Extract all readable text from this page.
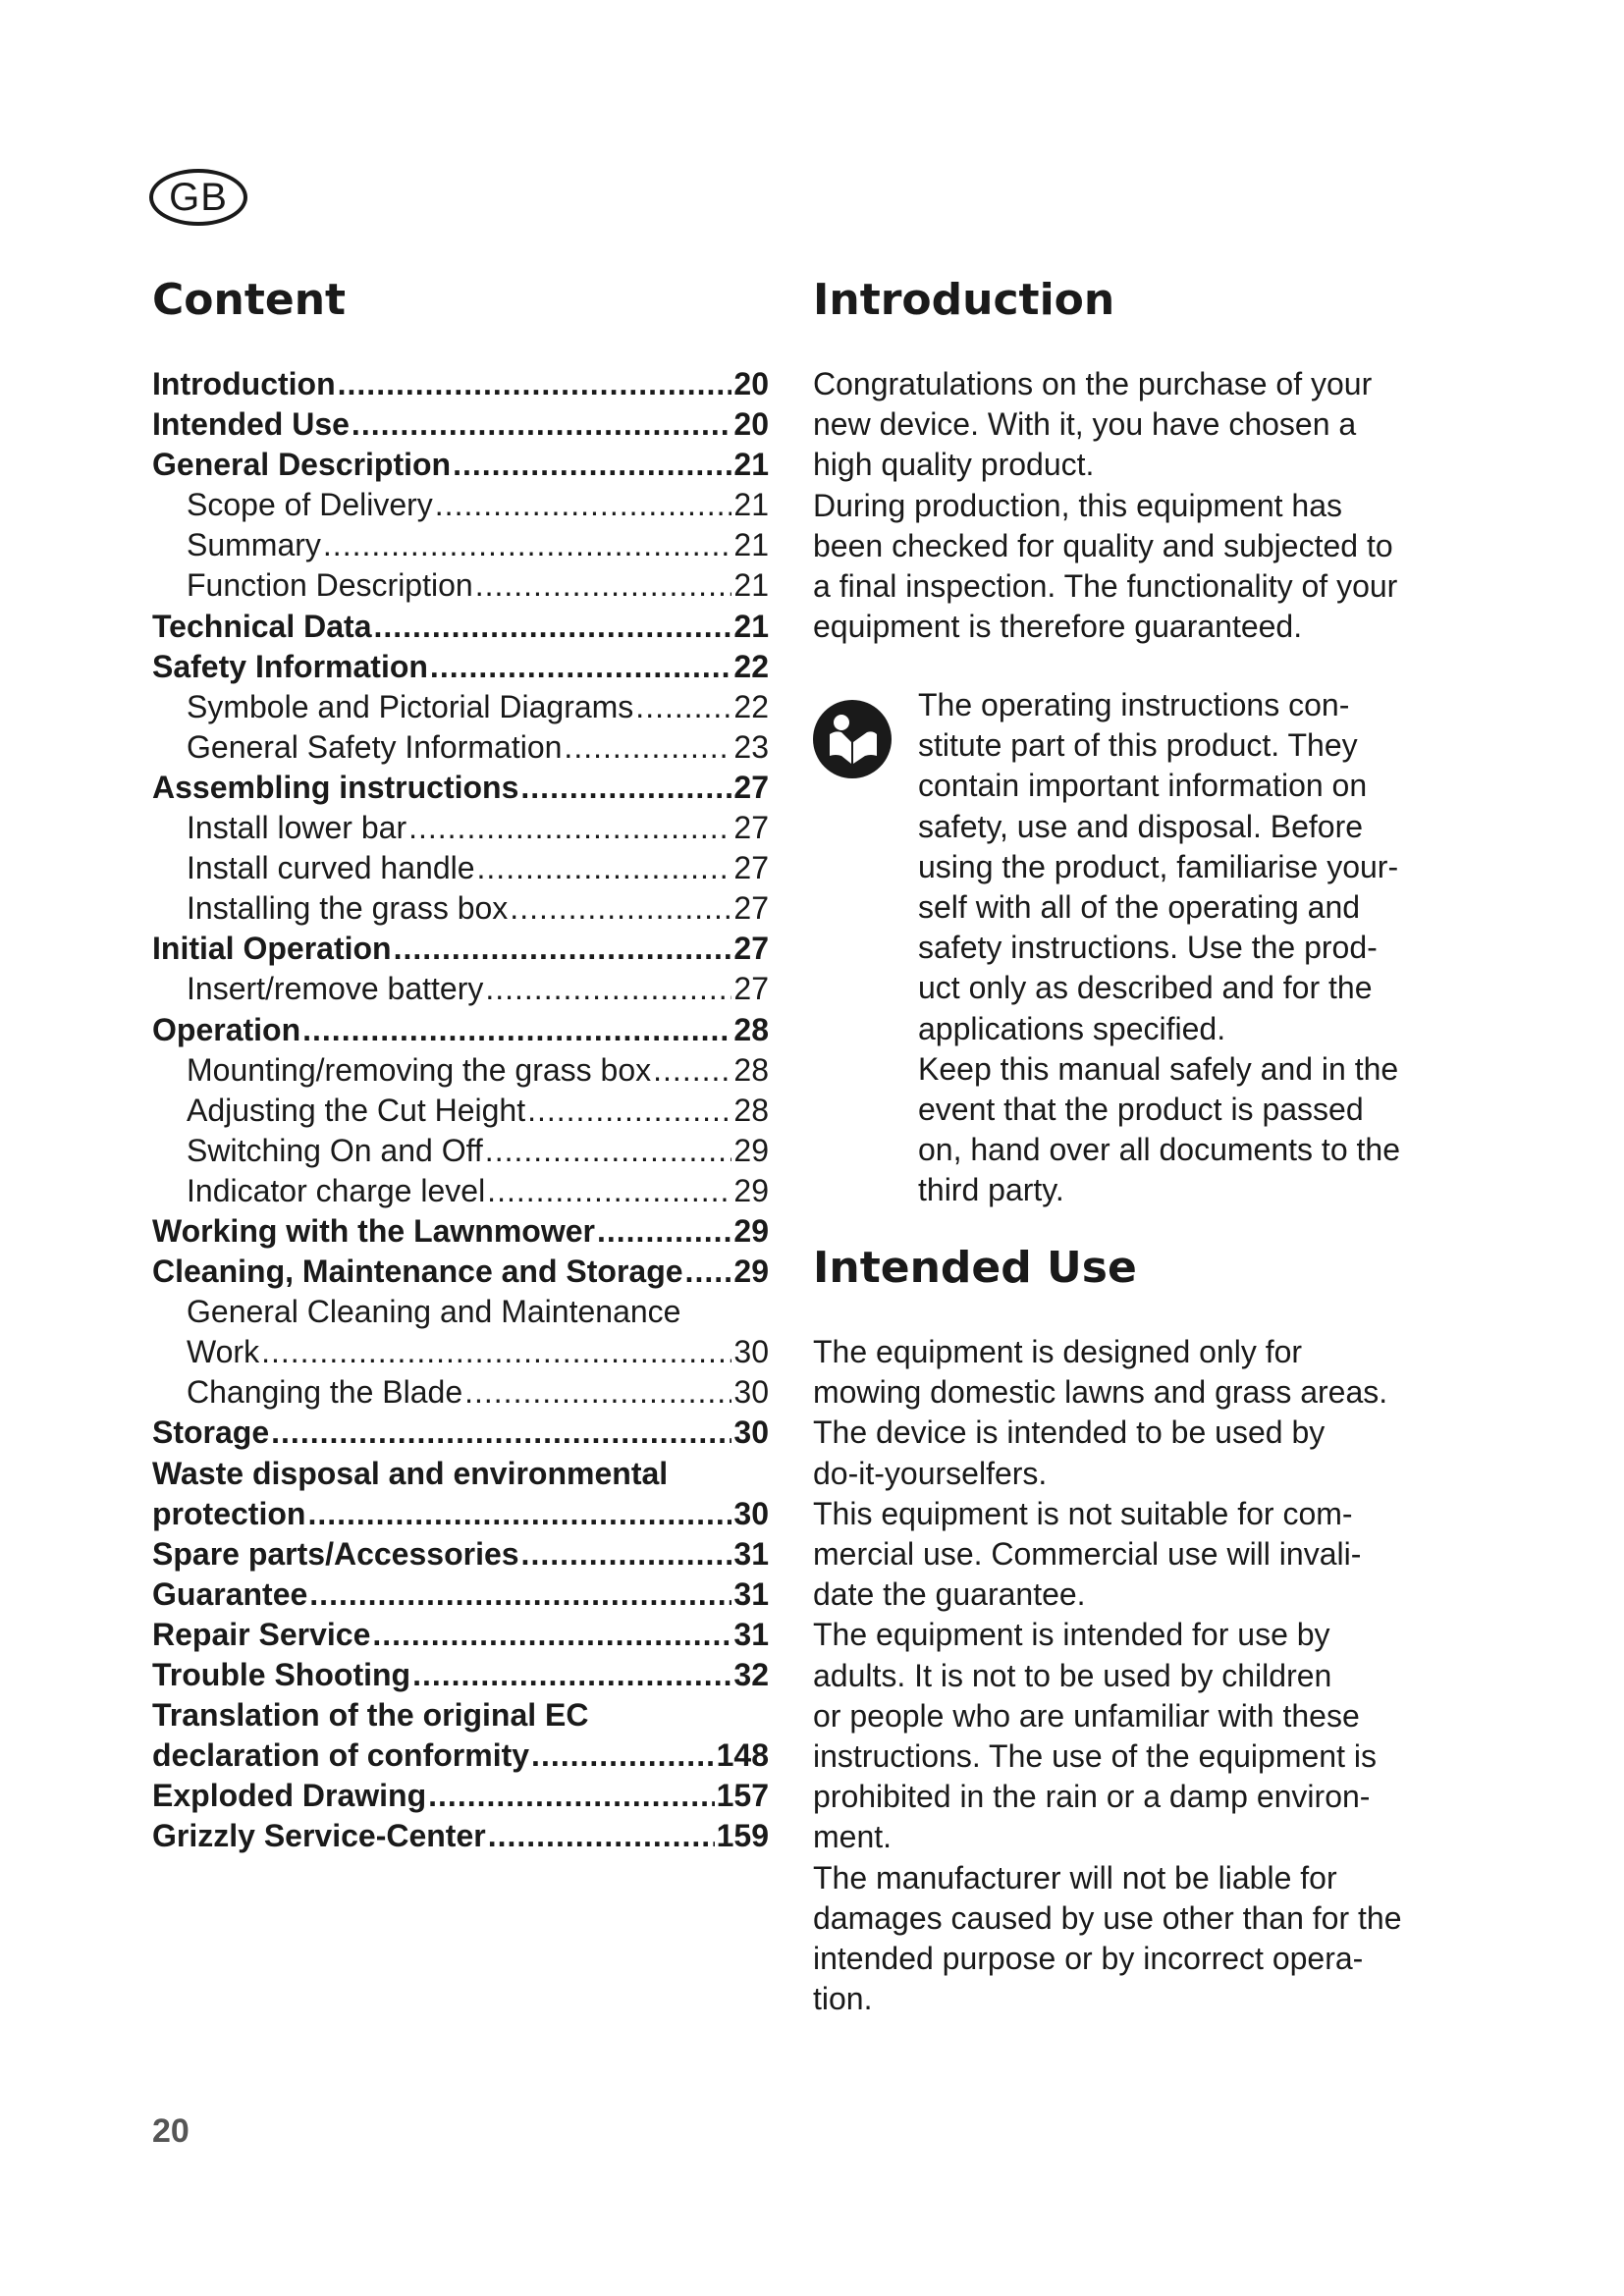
GB
Content
Introduction .....	20
Intended Use .....	20
General Description .....	21
Scope of Delivery .....	21
Summary .....	21
Function Description .....	21
Technical Data .....	21
Safety Information .....	22
Symbole and Pictorial Diagrams .....	22
General Safety Information .....	23
Assembling instructions .....	27
Install lower bar .....	27
Install curved handle .....	27
Installing the grass box .....	27
Initial Operation .....	27
Insert/remove battery .....	27
Operation .....	28
Mounting/removing the grass box .....	28
Adjusting the Cut Height .....	28
Switching On and Off .....	29
Indicator charge level .....	29
Working with the Lawnmower .....	29
Cleaning, Maintenance and Storage ..... 29
General Cleaning and Maintenance
Work .....	30
Changing the Blade .....	30
Storage .....	30
Waste disposal and environmental
protection .....	30
Spare parts/Accessories .....	31
Guarantee .....	31
Repair Service .....	31
Trouble Shooting .....	32
Translation of the original EC
declaration of conformity .....	148
Exploded Drawing .....	157
Grizzly Service-Center .....	159
Introduction

Congratulations on the purchase of your
new device. With it, you have chosen a
high quality product.
During production, this equipment has
been checked for quality and subjected to
a final inspection. The functionality of your
equipment is therefore guaranteed.

The operating instructions con-
stitute part of this product. They
contain important information on
safety, use and disposal. Before
using the product, familiarise your-
self with all of the operating and
safety instructions. Use the prod-
uct only as described and for the
applications specified.
Keep this manual safely and in the
event that the product is passed
on, hand over all documents to the
third party.

Intended Use

The equipment is designed only for
mowing domestic lawns and grass areas.
The device is intended to be used by
do-it-yourselfers.
This equipment is not suitable for com-
mercial use. Commercial use will invali-
date the guarantee.
The equipment is intended for use by
adults. It is not to be used by children
or people who are unfamiliar with these
instructions. The use of the equipment is
prohibited in the rain or a damp environ-
ment.
The manufacturer will not be liable for
damages caused by use other than for the
intended purpose or by incorrect opera-
tion.

20
